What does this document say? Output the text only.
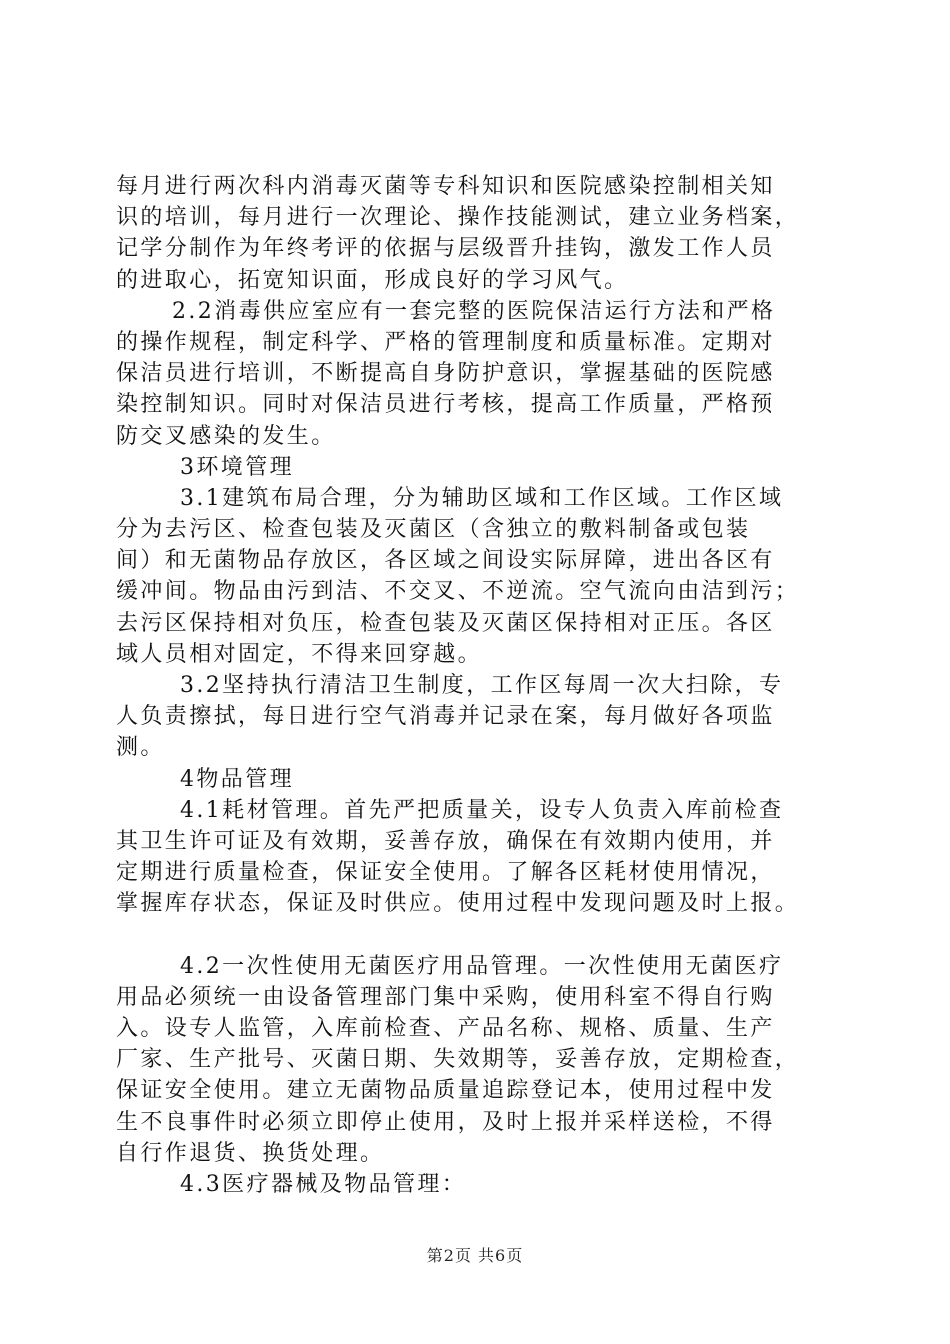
每月进行两次科内消毒灭菌等专科知识和医院感染控制相关知
识的培训，每月进行一次理论、操作技能测试，建立业务档案，
记学分制作为年终考评的依据与层级晋升挂钩，激发工作人员
的进取心，拓宽知识面，形成良好的学习风气。
2.2消毒供应室应有一套完整的医院保洁运行方法和严格
的操作规程，制定科学、严格的管理制度和质量标准。定期对
保洁员进行培训，不断提高自身防护意识，掌握基础的医院感
染控制知识。同时对保洁员进行考核，提高工作质量，严格预
防交叉感染的发生。
3环境管理
3.1建筑布局合理，分为辅助区域和工作区域。工作区域
分为去污区、检查包装及灭菌区（含独立的敷料制备或包装
间）和无菌物品存放区，各区域之间设实际屏障，进出各区有
缓冲间。物品由污到洁、不交叉、不逆流。空气流向由洁到污；
去污区保持相对负压，检查包装及灭菌区保持相对正压。各区
域人员相对固定，不得来回穿越。
3.2坚持执行清洁卫生制度，工作区每周一次大扫除，专
人负责擦拭，每日进行空气消毒并记录在案，每月做好各项监
测。
4物品管理
4.1耗材管理。首先严把质量关，设专人负责入库前检查
其卫生许可证及有效期，妥善存放，确保在有效期内使用，并
定期进行质量检查，保证安全使用。了解各区耗材使用情况，
掌握库存状态，保证及时供应。使用过程中发现问题及时上报。
4.2一次性使用无菌医疗用品管理。一次性使用无菌医疗
用品必须统一由设备管理部门集中采购，使用科室不得自行购
入。设专人监管，入库前检查、产品名称、规格、质量、生产
厂家、生产批号、灭菌日期、失效期等，妥善存放，定期检查，
保证安全使用。建立无菌物品质量追踪登记本，使用过程中发
生不良事件时必须立即停止使用，及时上报并采样送检，不得
自行作退货、换货处理。
4.3医疗器械及物品管理：
第2页 共6页
